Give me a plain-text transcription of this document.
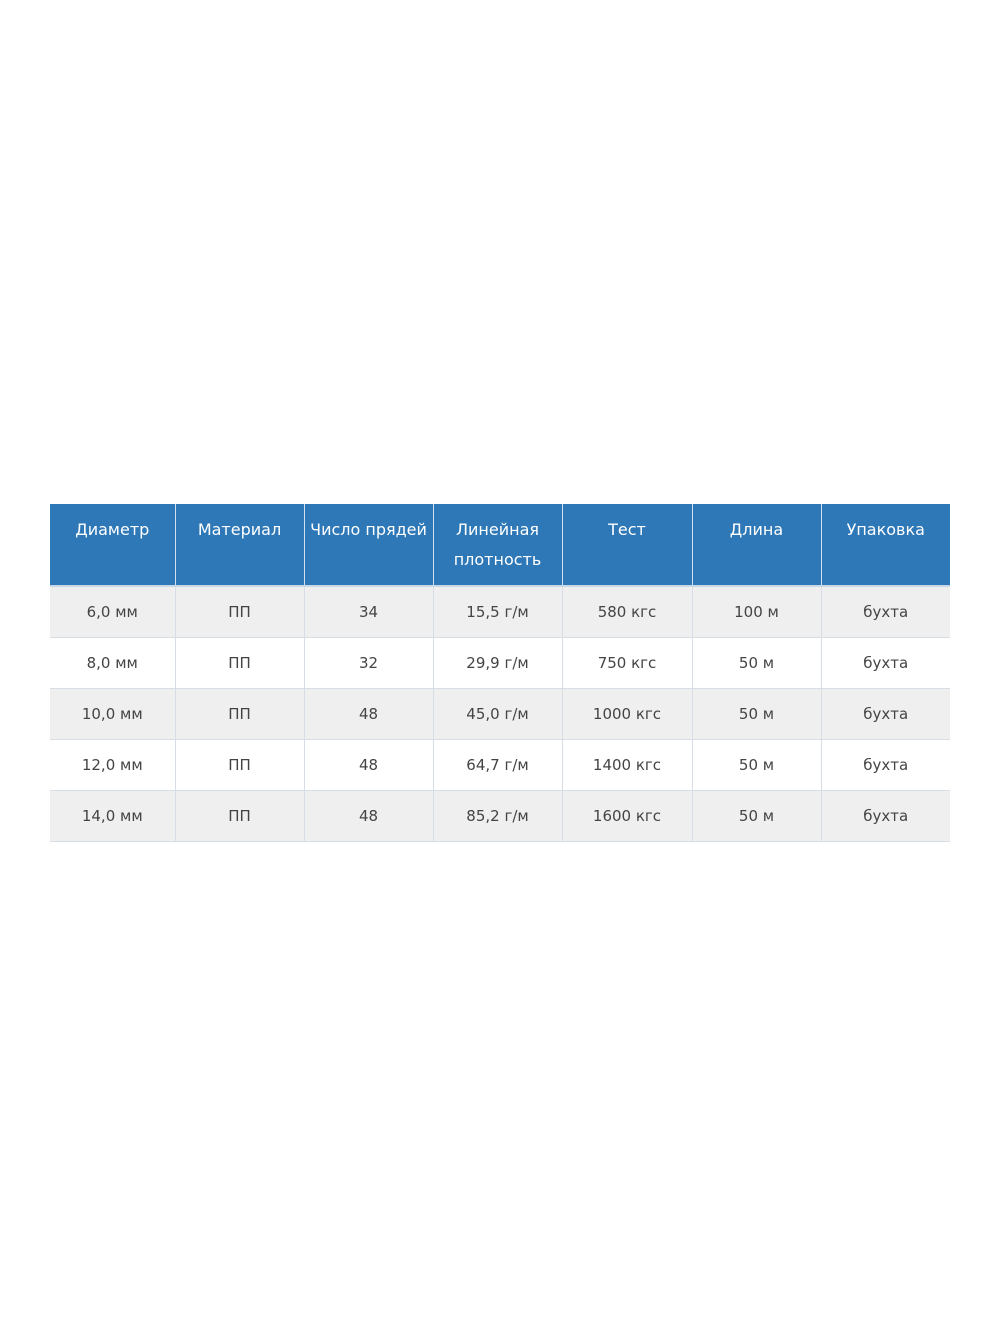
Диаметр	Материал	Число прядей	Линейная плотность	Тест	Длина	Упаковка
6,0 мм	ПП	34	15,5 г/м	580 кгс	100 м	бухта
8,0 мм	ПП	32	29,9 г/м	750 кгс	50 м	бухта
10,0 мм	ПП	48	45,0 г/м	1000 кгс	50 м	бухта
12,0 мм	ПП	48	64,7 г/м	1400 кгс	50 м	бухта
14,0 мм	ПП	48	85,2 г/м	1600 кгс	50 м	бухта
